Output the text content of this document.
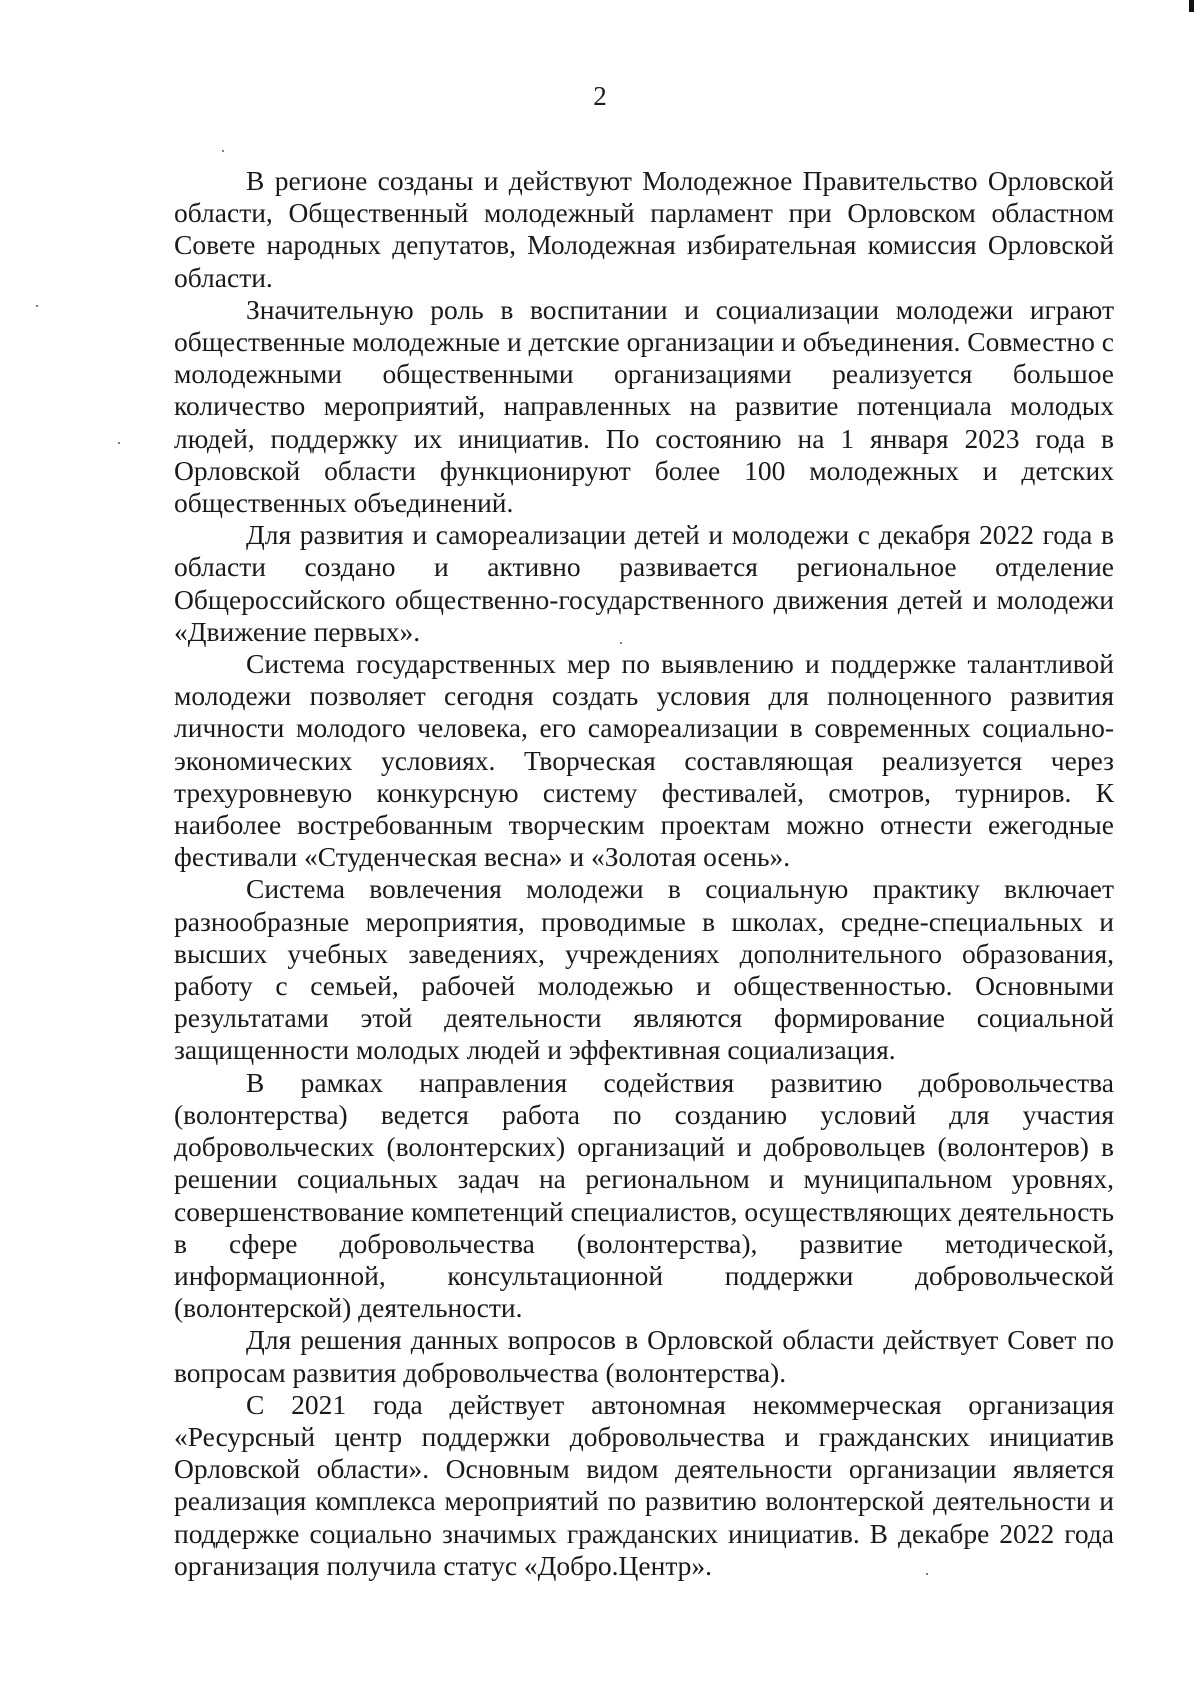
2

В регионе созданы и действуют Молодежное Правительство Орловской области, Общественный молодежный парламент при Орловском областном Совете народных депутатов, Молодежная избирательная комиссия Орловской области.

Значительную роль в воспитании и социализации молодежи играют общественные молодежные и детские организации и объединения. Совместно с молодежными общественными организациями реализуется большое количество мероприятий, направленных на развитие потенциала молодых людей, поддержку их инициатив. По состоянию на 1 января 2023 года в Орловской области функционируют более 100 молодежных и детских общественных объединений.

Для развития и самореализации детей и молодежи с декабря 2022 года в области создано и активно развивается региональное отделение Общероссийского общественно-государственного движения детей и молодежи «Движение первых».

Система государственных мер по выявлению и поддержке талантливой молодежи позволяет сегодня создать условия для полноценного развития личности молодого человека, его самореализации в современных социально-экономических условиях. Творческая составляющая реализуется через трехуровневую конкурсную систему фестивалей, смотров, турниров. К наиболее востребованным творческим проектам можно отнести ежегодные фестивали «Студенческая весна» и «Золотая осень».

Система вовлечения молодежи в социальную практику включает разнообразные мероприятия, проводимые в школах, средне-специальных и высших учебных заведениях, учреждениях дополнительного образования, работу с семьей, рабочей молодежью и общественностью. Основными результатами этой деятельности являются формирование социальной защищенности молодых людей и эффективная социализация.

В рамках направления содействия развитию добровольчества (волонтерства) ведется работа по созданию условий для участия добровольческих (волонтерских) организаций и добровольцев (волонтеров) в решении социальных задач на региональном и муниципальном уровнях, совершенствование компетенций специалистов, осуществляющих деятельность в сфере добровольчества (волонтерства), развитие методической, информационной, консультационной поддержки добровольческой (волонтерской) деятельности.

Для решения данных вопросов в Орловской области действует Совет по вопросам развития добровольчества (волонтерства).

С 2021 года действует автономная некоммерческая организация «Ресурсный центр поддержки добровольчества и гражданских инициатив Орловской области». Основным видом деятельности организации является реализация комплекса мероприятий по развитию волонтерской деятельности и поддержке социально значимых гражданских инициатив. В декабре 2022 года организация получила статус «Добро.Центр».
